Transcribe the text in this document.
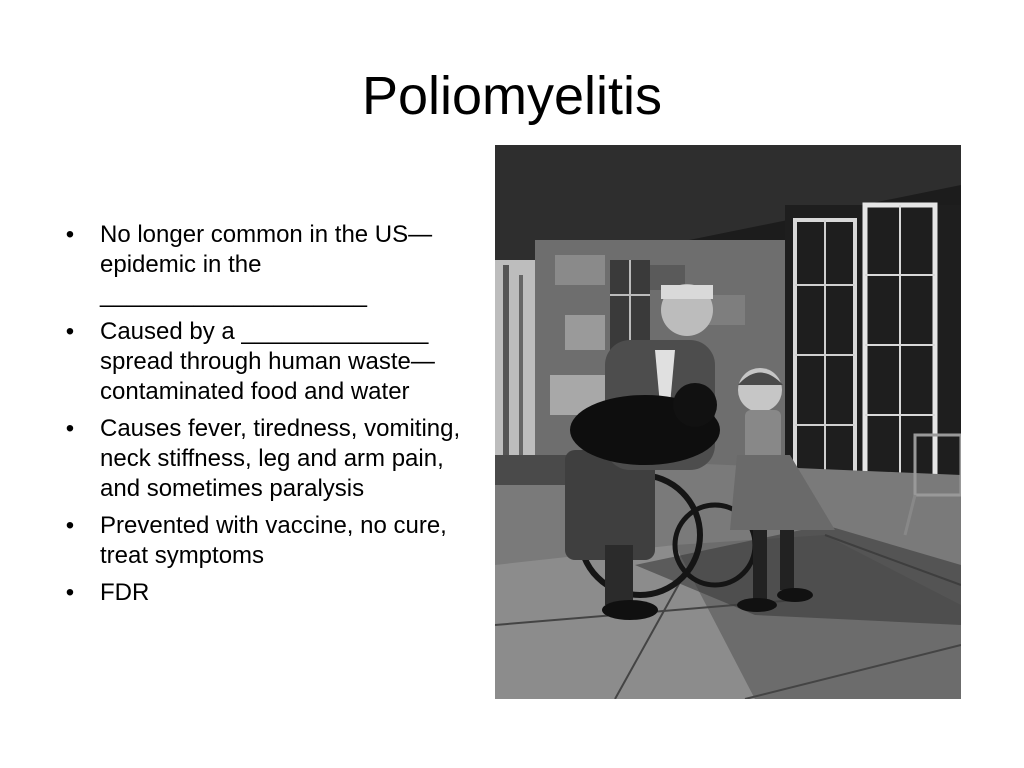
Poliomyelitis
• No longer common in the US—epidemic in the ____________________
• Caused by a ______________ spread through human waste—contaminated food and water
• Causes fever, tiredness, vomiting, neck stiffness, leg and arm pain, and sometimes paralysis
• Prevented with vaccine, no cure, treat symptoms
• FDR
